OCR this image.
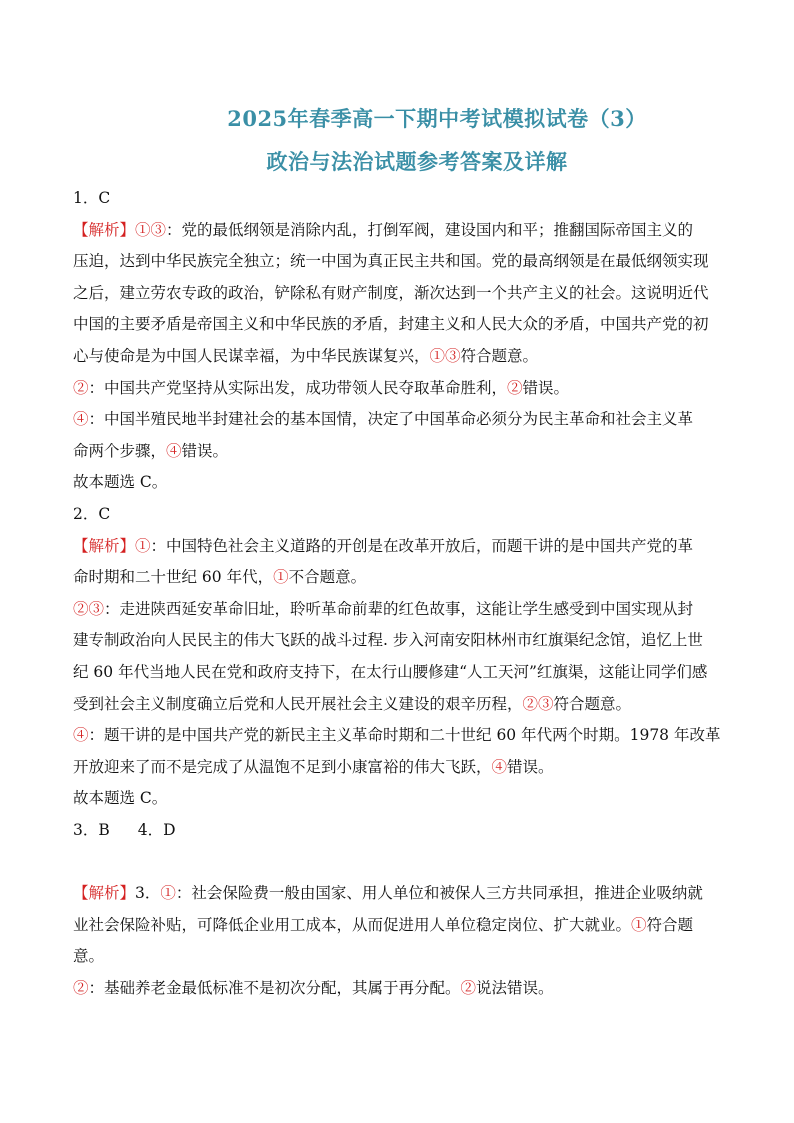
2025年春季高一下期中考试模拟试卷（3）
政治与法治试题参考答案及详解
1．C
【解析】①③：党的最低纲领是消除内乱，打倒军阀，建设国内和平；推翻国际帝国主义的
压迫，达到中华民族完全独立；统一中国为真正民主共和国。党的最高纲领是在最低纲领实现
之后，建立劳农专政的政治，铲除私有财产制度，渐次达到一个共产主义的社会。这说明近代
中国的主要矛盾是帝国主义和中华民族的矛盾，封建主义和人民大众的矛盾，中国共产党的初
心与使命是为中国人民谋幸福，为中华民族谋复兴，①③符合题意。
②：中国共产党坚持从实际出发，成功带领人民夺取革命胜利，②错误。
④：中国半殖民地半封建社会的基本国情，决定了中国革命必须分为民主革命和社会主义革
命两个步骤，④错误。
故本题选 C。
2．C
【解析】①：中国特色社会主义道路的开创是在改革开放后，而题干讲的是中国共产党的革
命时期和二十世纪 60 年代，①不合题意。
②③：走进陕西延安革命旧址，聆听革命前辈的红色故事，这能让学生感受到中国实现从封
建专制政治向人民民主的伟大飞跃的战斗过程. 步入河南安阳林州市红旗渠纪念馆，追忆上世
纪 60 年代当地人民在党和政府支持下，在太行山腰修建“人工天河”红旗渠，这能让同学们感
受到社会主义制度确立后党和人民开展社会主义建设的艰辛历程，②③符合题意。
④：题干讲的是中国共产党的新民主主义革命时期和二十世纪 60 年代两个时期。1978 年改革
开放迎来了而不是完成了从温饱不足到小康富裕的伟大飞跃，④错误。
故本题选 C。
3．B 4．D
【解析】3．①：社会保险费一般由国家、用人单位和被保人三方共同承担，推进企业吸纳就
业社会保险补贴，可降低企业用工成本，从而促进用人单位稳定岗位、扩大就业。①符合题
意。
②：基础养老金最低标准不是初次分配，其属于再分配。②说法错误。
